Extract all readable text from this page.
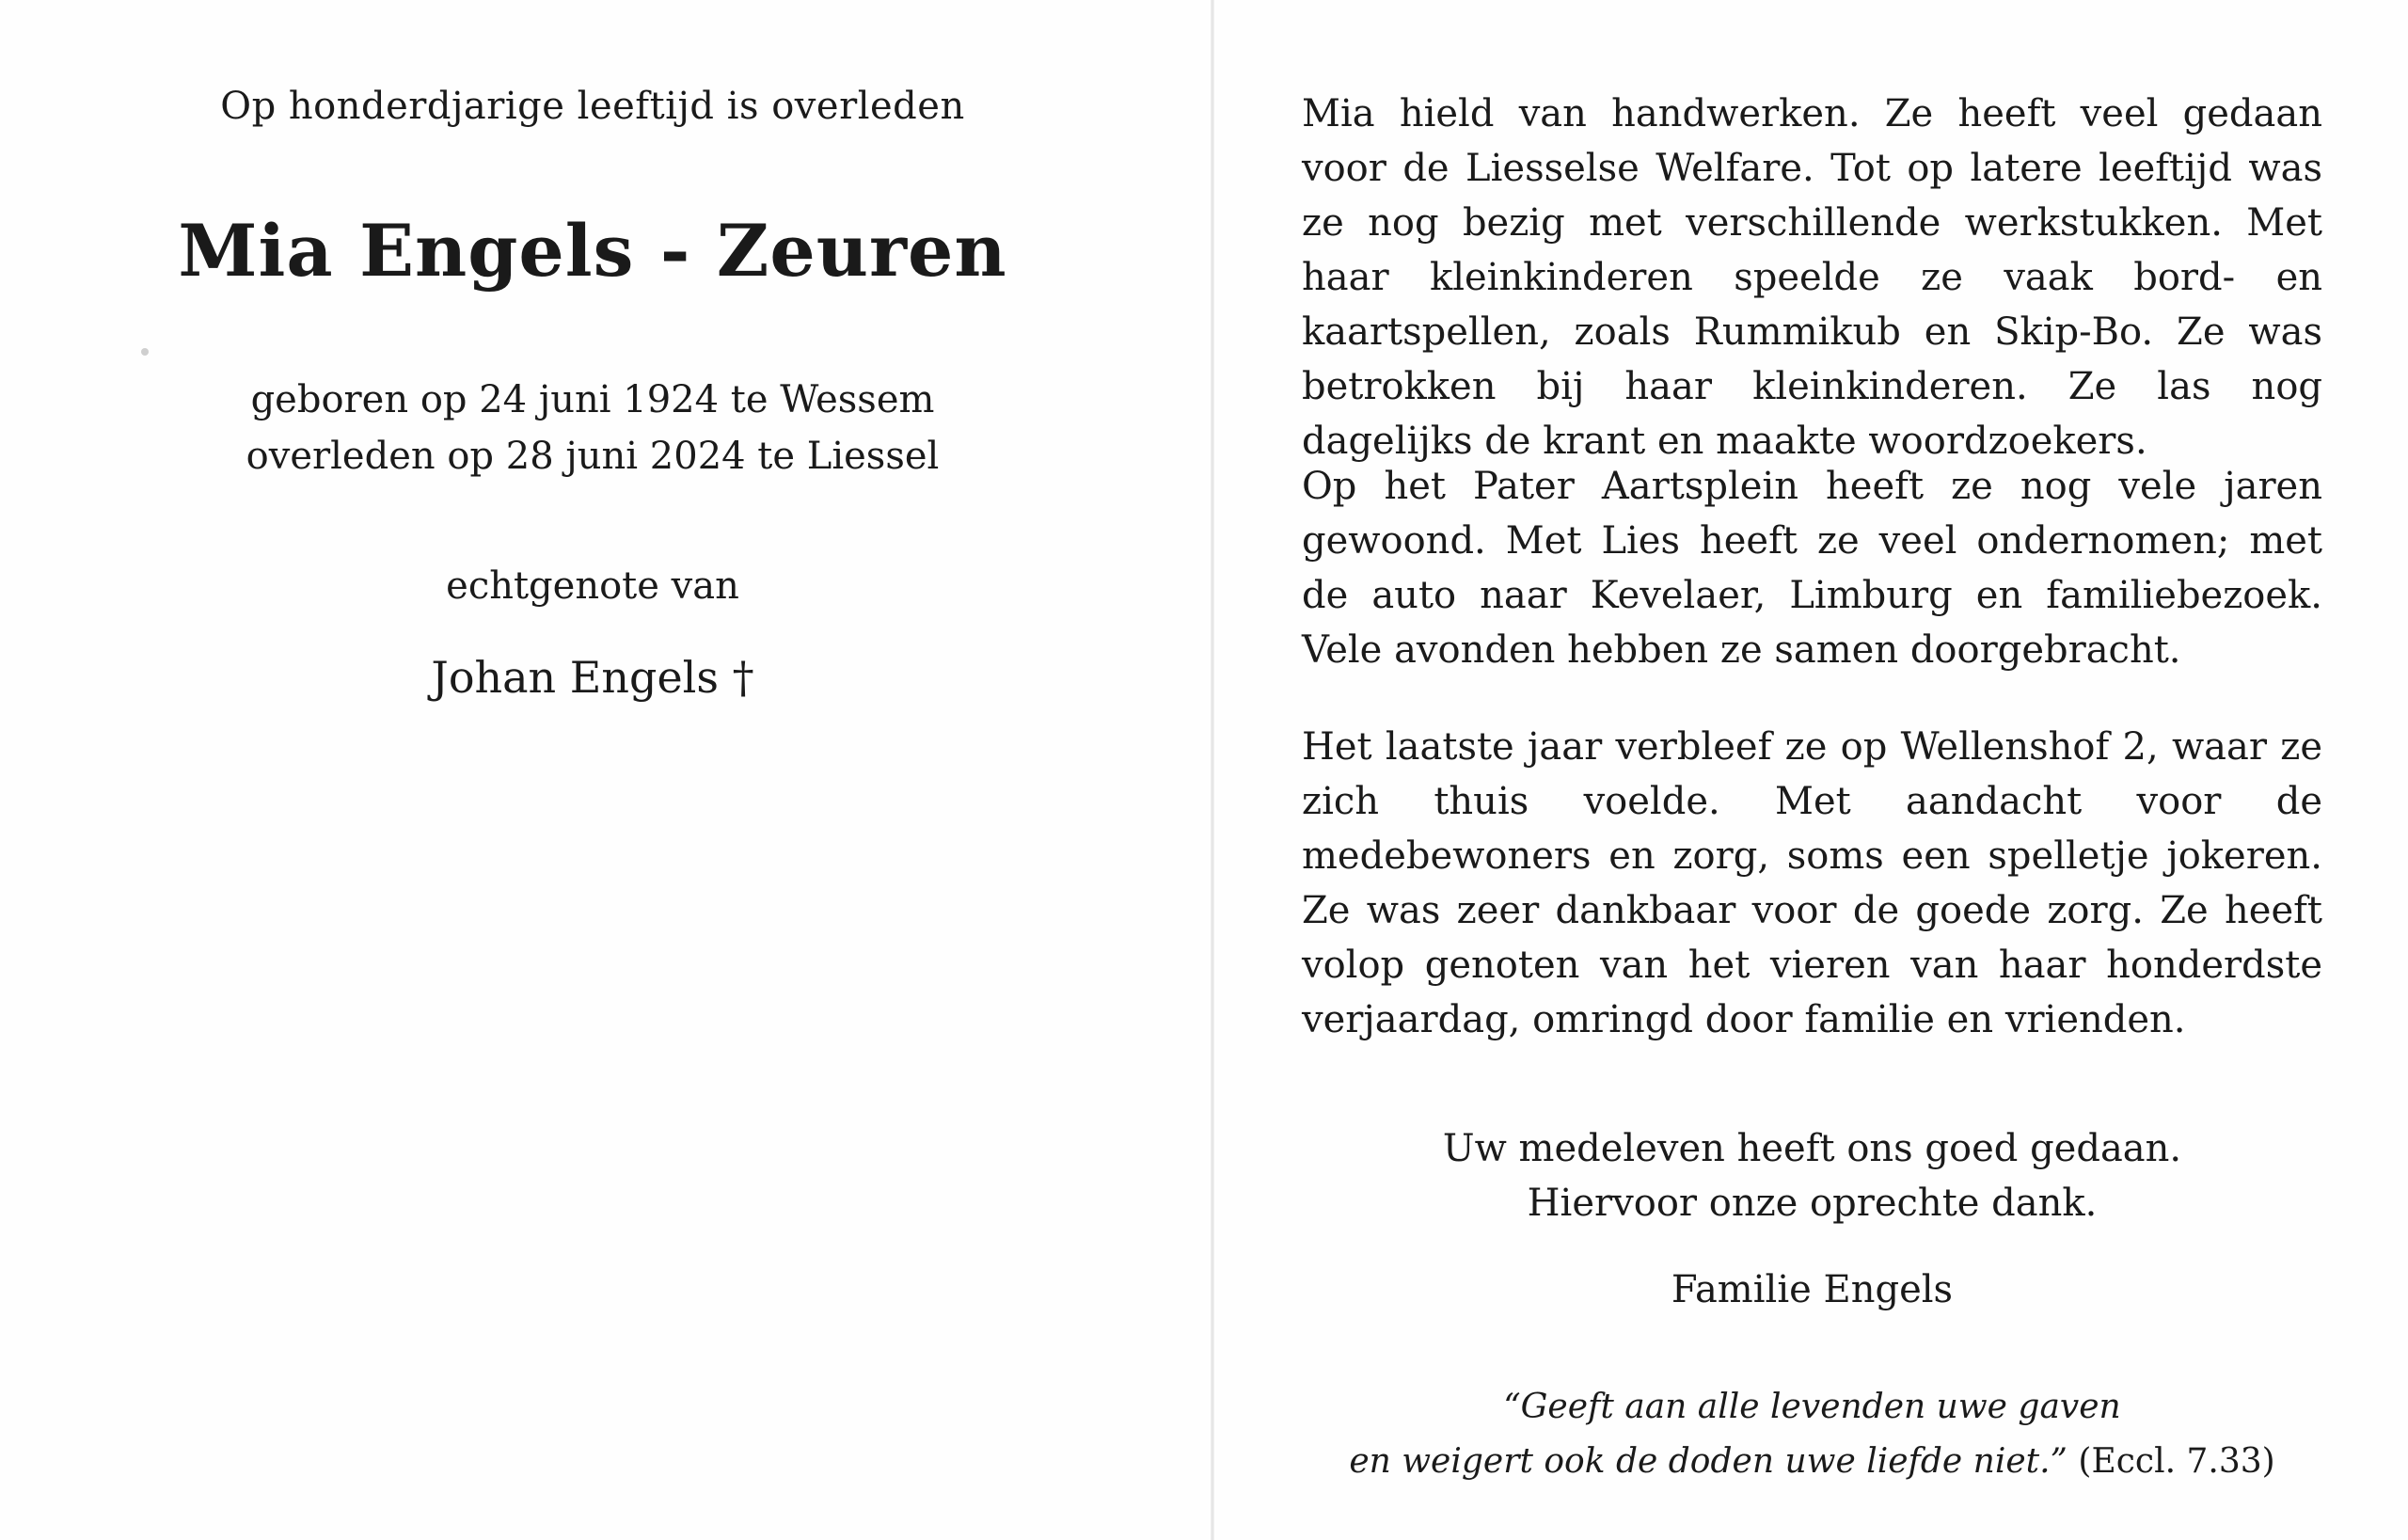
Op honderdjarige leeftijd is overleden

Mia Engels - Zeuren

geboren op 24 juni 1924 te Wessem

overleden op 28 juni 2024 te Liessel

echtgenote van

Johan Engels †

Mia hield van handwerken. Ze heeft veel gedaan voor de Liesselse Welfare. Tot op latere leeftijd was ze nog bezig met verschillende werkstukken. Met haar kleinkinderen speelde ze vaak bord- en kaartspellen, zoals Rummikub en Skip-Bo. Ze was betrokken bij haar kleinkinderen. Ze las nog dagelijks de krant en maakte woordzoekers.

Op het Pater Aartsplein heeft ze nog vele jaren gewoond. Met Lies heeft ze veel ondernomen; met de auto naar Kevelaer, Limburg en familiebezoek. Vele avonden hebben ze samen doorgebracht.

Het laatste jaar verbleef ze op Wellenshof 2, waar ze zich thuis voelde. Met aandacht voor de medebewoners en zorg, soms een spelletje jokeren. Ze was zeer dankbaar voor de goede zorg. Ze heeft volop genoten van het vieren van haar honderdste verjaardag, omringd door familie en vrienden.

Uw medeleven heeft ons goed gedaan.
Hiervoor onze oprechte dank.

Familie Engels

“Geeft aan alle levenden uwe gaven
en weigert ook de doden uwe liefde niet.” (Eccl. 7.33)
